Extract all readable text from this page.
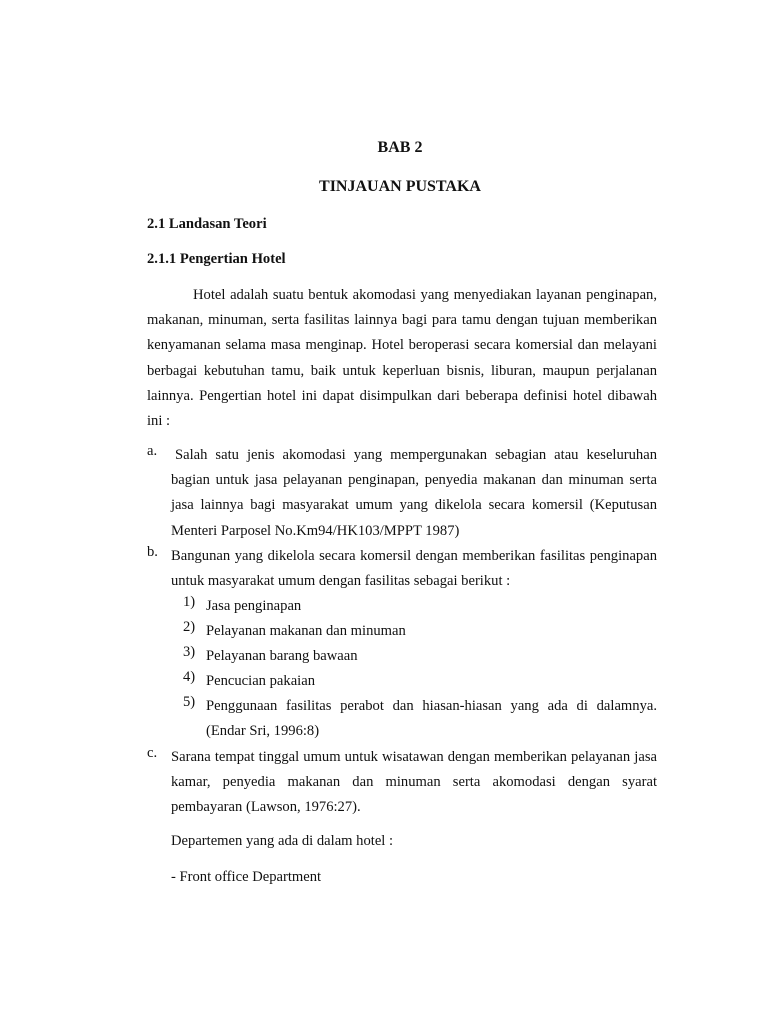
BAB 2
TINJAUAN PUSTAKA
2.1 Landasan Teori
2.1.1 Pengertian Hotel

Hotel adalah suatu bentuk akomodasi yang menyediakan layanan penginapan, makanan, minuman, serta fasilitas lainnya bagi para tamu dengan tujuan memberikan kenyamanan selama masa menginap. Hotel beroperasi secara komersial dan melayani berbagai kebutuhan tamu, baik untuk keperluan bisnis, liburan, maupun perjalanan lainnya. Pengertian hotel ini dapat disimpulkan dari beberapa definisi hotel dibawah ini :

a. Salah satu jenis akomodasi yang mempergunakan sebagian atau keseluruhan bagian untuk jasa pelayanan penginapan, penyedia makanan dan minuman serta jasa lainnya bagi masyarakat umum yang dikelola secara komersil (Keputusan Menteri Parposel No.Km94/HK103/MPPT 1987)
b. Bangunan yang dikelola secara komersil dengan memberikan fasilitas penginapan untuk masyarakat umum dengan fasilitas sebagai berikut :
1) Jasa penginapan
2) Pelayanan makanan dan minuman
3) Pelayanan barang bawaan
4) Pencucian pakaian
5) Penggunaan fasilitas perabot dan hiasan-hiasan yang ada di dalamnya. (Endar Sri, 1996:8)
c. Sarana tempat tinggal umum untuk wisatawan dengan memberikan pelayanan jasa kamar, penyedia makanan dan minuman serta akomodasi dengan syarat pembayaran (Lawson, 1976:27).
Departemen yang ada di dalam hotel :
- Front office Department
